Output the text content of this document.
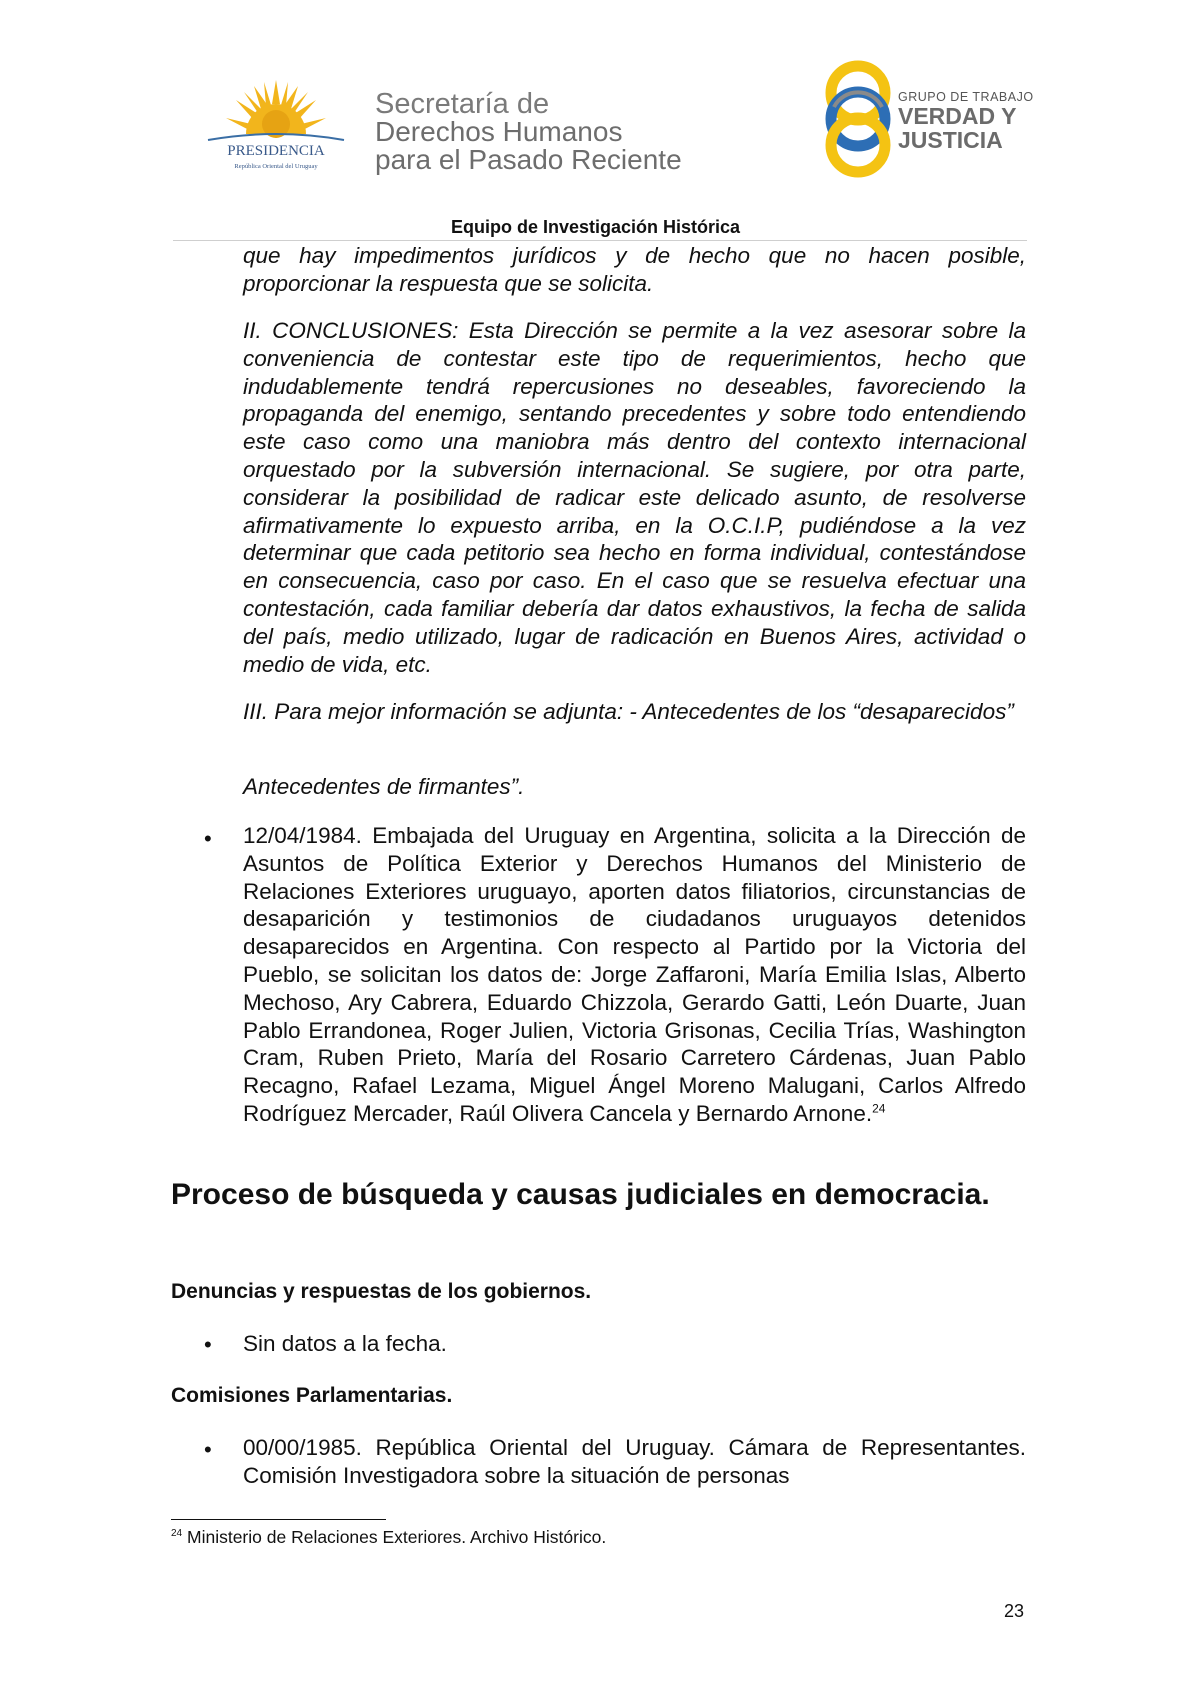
PRESIDENCIA
República Oriental del Uruguay
Secretaría de
Derechos Humanos
para el Pasado Reciente
GRUPO DE TRABAJO
VERDAD Y
JUSTICIA
Equipo de Investigación Histórica
que hay impedimentos jurídicos y de hecho que no hacen posible, proporcionar la respuesta que se solicita.
II. CONCLUSIONES: Esta Dirección se permite a la vez asesorar sobre la conveniencia de contestar este tipo de requerimientos, hecho que indudablemente tendrá repercusiones no deseables, favoreciendo la propaganda del enemigo, sentando precedentes y sobre todo entendiendo este caso como una maniobra más dentro del contexto internacional orquestado por la subversión internacional. Se sugiere, por otra parte, considerar la posibilidad de radicar este delicado asunto, de resolverse afirmativamente lo expuesto arriba, en la O.C.I.P, pudiéndose a la vez determinar que cada petitorio sea hecho en forma individual, contestándose en consecuencia, caso por caso. En el caso que se resuelva efectuar una contestación, cada familiar debería dar datos exhaustivos, la fecha de salida del país, medio utilizado, lugar de radicación en Buenos Aires, actividad o medio de vida, etc.
III. Para mejor información se adjunta: - Antecedentes de los “desaparecidos”
Antecedentes de firmantes”.
• 12/04/1984. Embajada del Uruguay en Argentina, solicita a la Dirección de Asuntos de Política Exterior y Derechos Humanos del Ministerio de Relaciones Exteriores uruguayo, aporten datos filiatorios, circunstancias de desaparición y testimonios de ciudadanos uruguayos detenidos desaparecidos en Argentina. Con respecto al Partido por la Victoria del Pueblo, se solicitan los datos de: Jorge Zaffaroni, María Emilia Islas, Alberto Mechoso, Ary Cabrera, Eduardo Chizzola, Gerardo Gatti, León Duarte, Juan Pablo Errandonea, Roger Julien, Victoria Grisonas, Cecilia Trías, Washington Cram, Ruben Prieto, María del Rosario Carretero Cárdenas, Juan Pablo Recagno, Rafael Lezama, Miguel Ángel Moreno Malugani, Carlos Alfredo Rodríguez Mercader, Raúl Olivera Cancela y Bernardo Arnone.$^{24}$
Proceso de búsqueda y causas judiciales en democracia.
Denuncias y respuestas de los gobiernos.
• Sin datos a la fecha.
Comisiones Parlamentarias.
• 00/00/1985. República Oriental del Uruguay. Cámara de Representantes. Comisión Investigadora sobre la situación de personas
$^{24}$ Ministerio de Relaciones Exteriores. Archivo Histórico.
23
